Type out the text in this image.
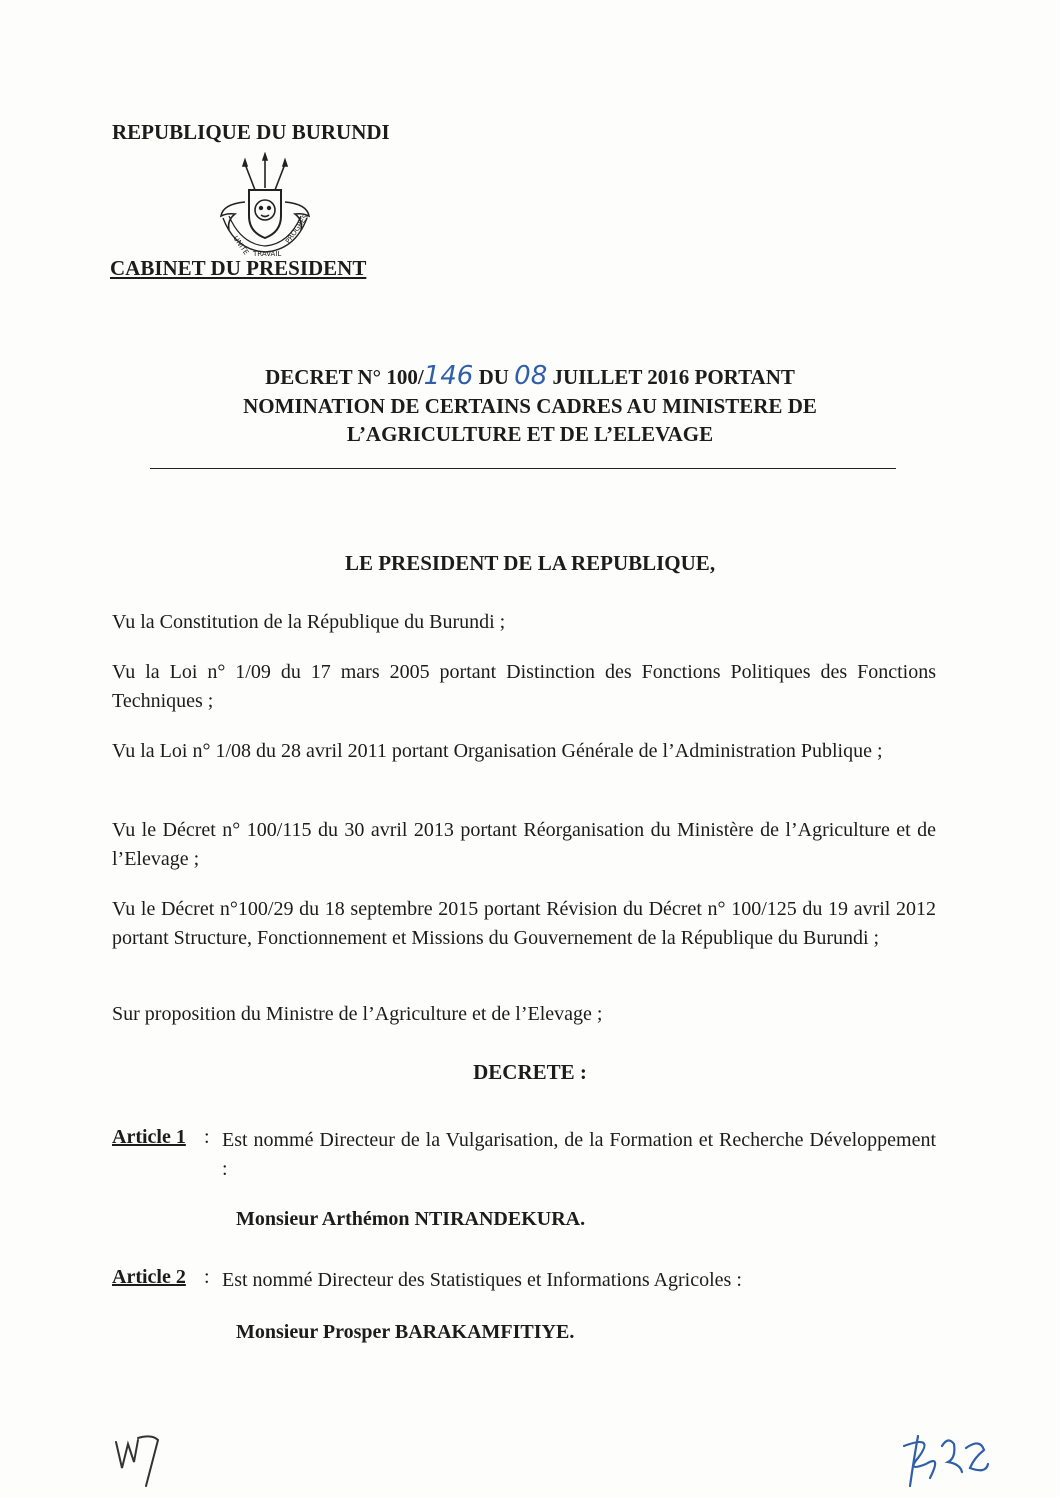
REPUBLIQUE DU BURUNDI
UNITE TRAVAIL
PROGRES
CABINET DU PRESIDENT
DECRET N° 100/146 DU 08 JUILLET 2016 PORTANT
NOMINATION DE CERTAINS CADRES AU MINISTERE DE
L’AGRICULTURE ET DE L’ELEVAGE
LE PRESIDENT DE LA REPUBLIQUE,
Vu la Constitution de la République du Burundi ;
Vu la Loi n° 1/09 du 17 mars 2005 portant Distinction des Fonctions Politiques des Fonctions Techniques ;
Vu la Loi n° 1/08 du 28 avril 2011 portant Organisation Générale de l’Administration Publique ;
Vu le Décret n° 100/115 du 30 avril 2013 portant Réorganisation du Ministère de l’Agriculture et de l’Elevage ;
Vu le Décret n°100/29 du 18 septembre 2015 portant Révision du Décret n° 100/125 du 19 avril 2012 portant Structure, Fonctionnement et Missions du Gouvernement de la République du Burundi ;
Sur proposition du Ministre de l’Agriculture et de l’Elevage ;
DECRETE :
Article 1 : Est nommé Directeur de la Vulgarisation, de la Formation et Recherche Développement :
Monsieur Arthémon NTIRANDEKURA.
Article 2 : Est nommé Directeur des Statistiques et Informations Agricoles :
Monsieur Prosper BARAKAMFITIYE.
